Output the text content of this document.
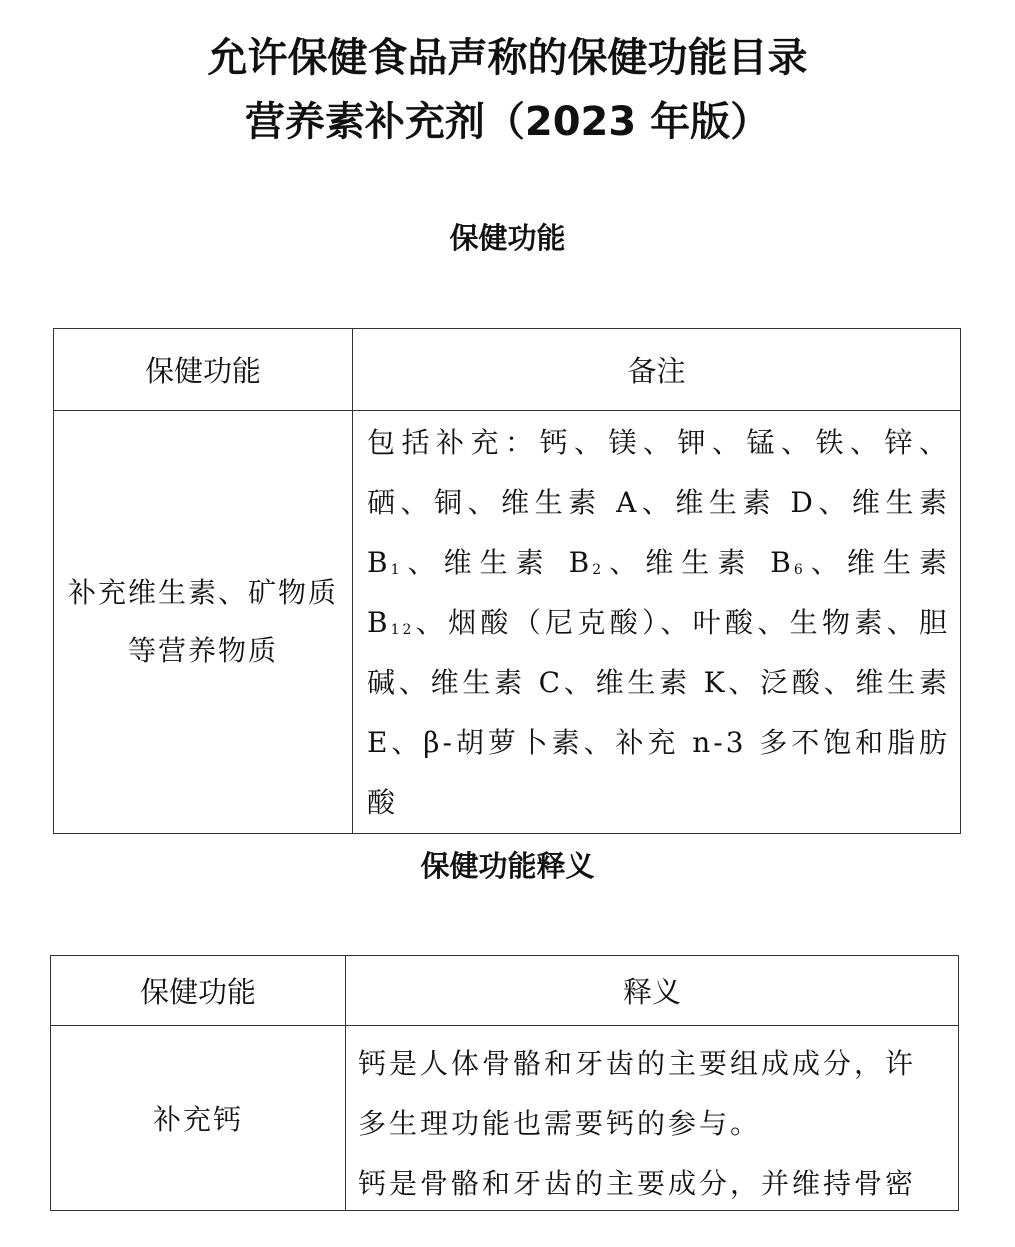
允许保健食品声称的保健功能目录
营养素补充剂（2023 年版）
保健功能
保健功能	备注

补充维生素、矿物质
等营养物质	包括补充：钙、镁、钾、锰、铁、锌、硒、铜、维生素 A、维生素 D、维生素 $B_1$、维生素 $B_2$、维生素 $B_6$、维生素 $B_{12}$、烟酸（尼克酸）、叶酸、生物素、胆碱、维生素 C、维生素 K、泛酸、维生素 E、β-胡萝卜素、补充 n-3 多不饱和脂肪酸
保健功能释义
保健功能	释义
补充钙	钙是人体骨骼和牙齿的主要组成成分，许多生理功能也需要钙的参与。
钙是骨骼和牙齿的主要成分，并维持骨密
